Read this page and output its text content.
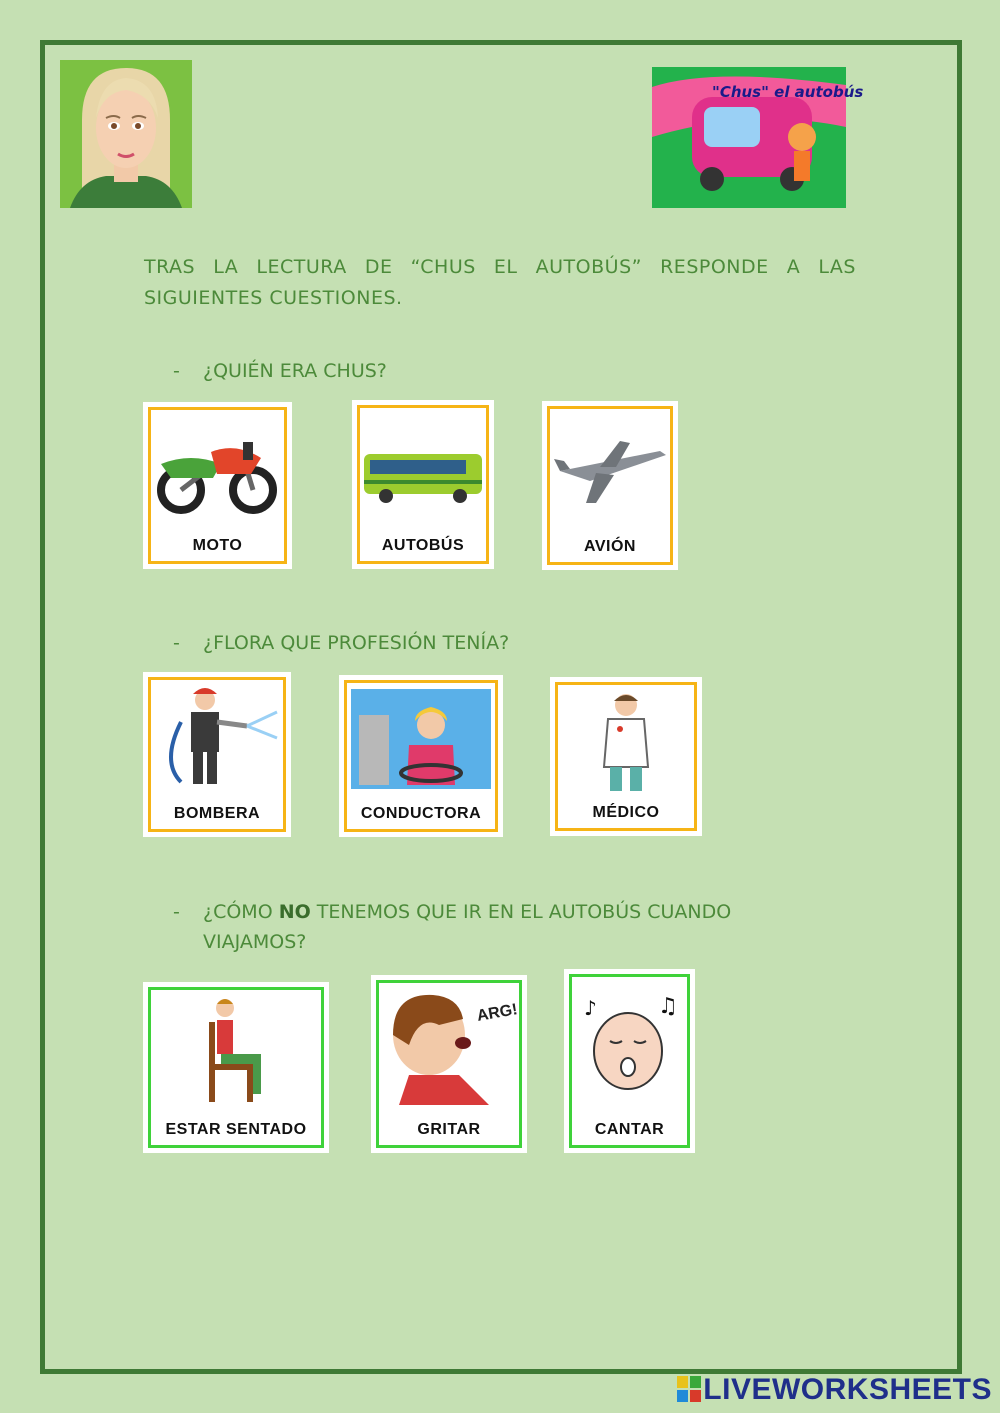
"Chus" el autobús
TRAS LA LECTURA DE “CHUS EL AUTOBÚS” RESPONDE A LAS SIGUIENTES CUESTIONES.
- ¿QUIÉN ERA CHUS?
MOTO	AUTOBÚS	AVIÓN
- ¿FLORA QUE PROFESIÓN TENÍA?
BOMBERA	CONDUCTORA	MÉDICO
- ¿CÓMO NO TENEMOS QUE IR EN EL AUTOBÚS CUANDO
VIAJAMOS?
ESTAR SENTADO
ARG!
GRITAR
♪	♫
CANTAR
LIVEWORKSHEETS
